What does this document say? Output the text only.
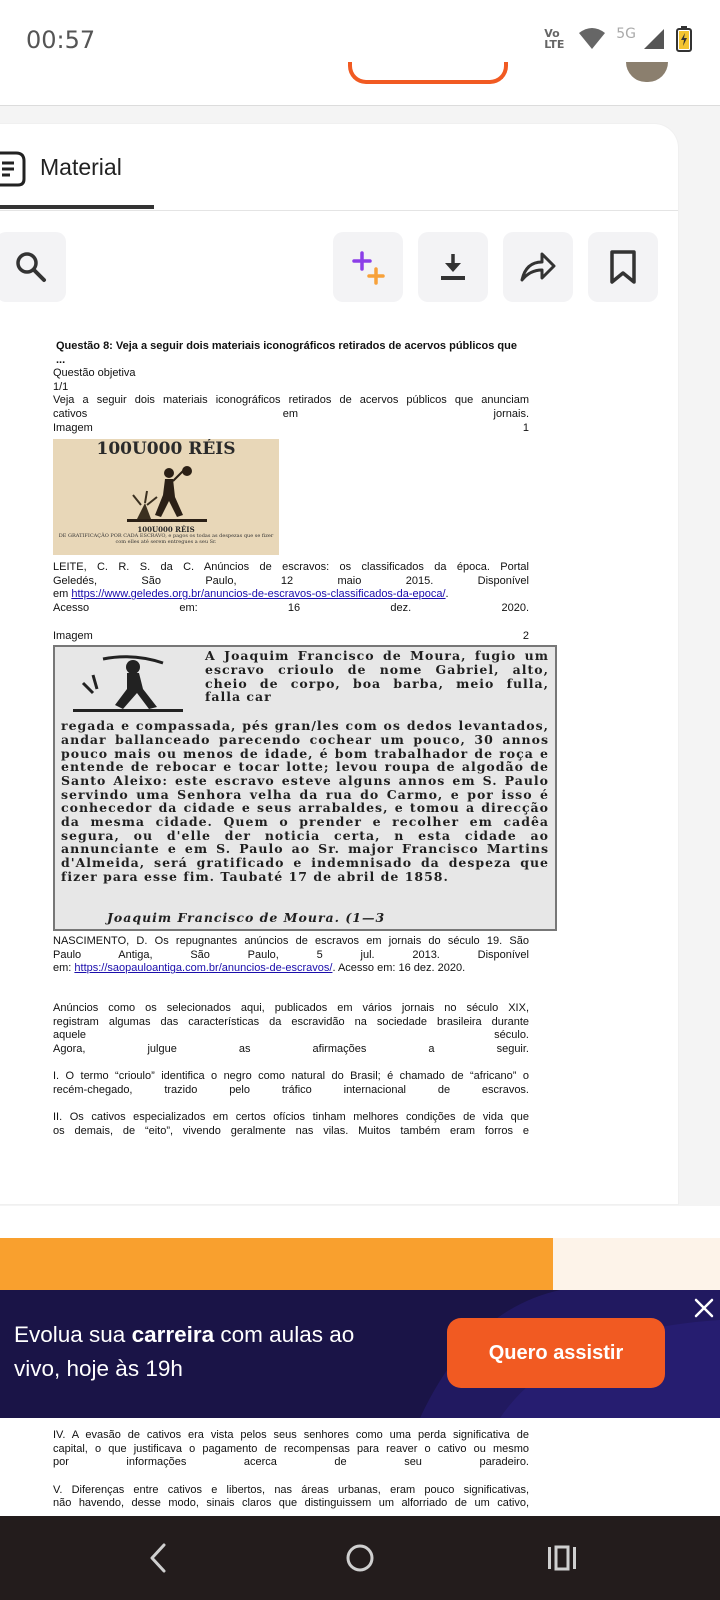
00:57	Vo LTE
5G
Material

Questão 8: Veja a seguir dois materiais iconográficos retirados de acervos públicos que ...

Questão objetiva

1/1

Veja a seguir dois materiais iconográficos retirados de acervos públicos que anunciam

cativos em jornais.

Imagem	1

100U000 RÉIS
100U000 RÉIS
DE GRATIFICAÇÃO POR CADA ESCRAVO, e pagos os todas as despezas que se fizer com elles até serem entregues a seu Sr.

LEITE, C. R. S. da C. Anúncios de escravos: os classificados da época. Portal

Geledés, São Paulo, 12 maio 2015. Disponível

em https://www.geledes.org.br/anuncios-de-escravos-os-classificados-da-epoca/.

Acesso em: 16 dez. 2020.

Imagem	2

A Joaquim Francisco de Moura, fugio um escravo crioulo de nome Gabriel, alto, cheio de corpo, boa barba, meio fulla, falla car
regada e compassada, pés gran/les com os dedos levantados, andar ballanceado parecendo cochear um pouco, 30 annos pouco mais ou menos de idade, é bom trabalhador de roça e entende de rebocar e tocar lotte; levou roupa de algodão de Santo Aleixo: este escravo esteve alguns annos em S. Paulo servindo uma Senhora velha da rua do Carmo, e por isso é conhecedor da cidade e seus arrabaldes, e tomou a direcção da mesma cidade. Quem o prender e recolher em cadêa segura, ou d'elle der noticia certa, n esta cidade ao annunciante e em S. Paulo ao Sr. major Francisco Martins d'Almeida, será gratificado e indemnisado da despeza que fizer para esse fim. Taubaté 17 de abril de 1858.
Joaquim Francisco de Moura. (1—3

NASCIMENTO, D. Os repugnantes anúncios de escravos em jornais do século 19. São

Paulo Antiga, São Paulo, 5 jul. 2013. Disponível

em: https://saopauloantiga.com.br/anuncios-de-escravos/. Acesso em: 16 dez. 2020.

Anúncios como os selecionados aqui, publicados em vários jornais no século XIX,

registram algumas das características da escravidão na sociedade brasileira durante

aquele século.

Agora, julgue as afirmações a seguir.

I. O termo “crioulo” identifica o negro como natural do Brasil; é chamado de “africano” o

recém-chegado, trazido pelo tráfico internacional de escravos.

II. Os cativos especializados em certos ofícios tinham melhores condições de vida que

os demais, de “eito”, vivendo geralmente nas vilas. Muitos também eram forros e

Evolua sua carreira com aulas ao
vivo, hoje às 19h
Quero assistir

IV. A evasão de cativos era vista pelos seus senhores como uma perda significativa de

capital, o que justificava o pagamento de recompensas para reaver o cativo ou mesmo

por informações acerca de seu paradeiro.

V. Diferenças entre cativos e libertos, nas áreas urbanas, eram pouco significativas,

não havendo, desse modo, sinais claros que distinguissem um alforriado de um cativo,
